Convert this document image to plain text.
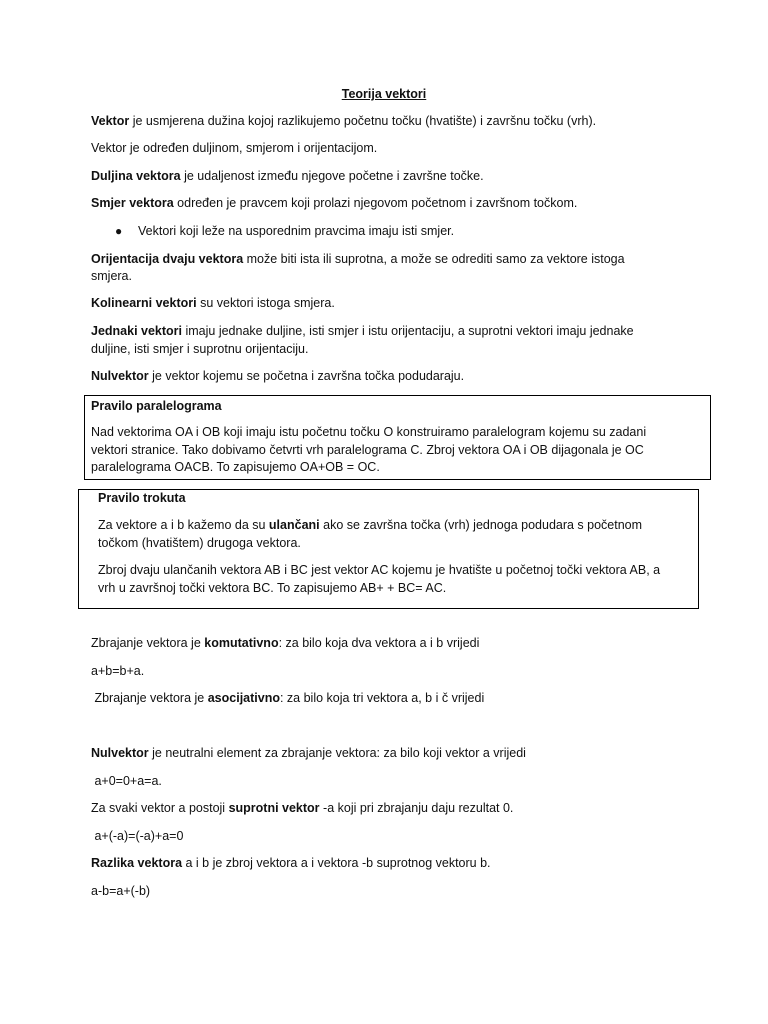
Teorija vektori
Vektor je usmjerena dužina kojoj razlikujemo početnu točku (hvatište) i završnu točku (vrh).
Vektor je određen duljinom, smjerom i orijentacijom.
Duljina vektora je udaljenost između njegove početne i završne točke.
Smjer vektora određen je pravcem koji prolazi njegovom početnom i završnom točkom.
● Vektori koji leže na usporednim pravcima imaju isti smjer.
Orijentacija dvaju vektora može biti ista ili suprotna, a može se odrediti samo za vektore istoga
smjera.
Kolinearni vektori su vektori istoga smjera.
Jednaki vektori imaju jednake duljine, isti smjer i istu orijentaciju, a suprotni vektori imaju jednake
duljine, isti smjer i suprotnu orijentaciju.
Nulvektor je vektor kojemu se početna i završna točka podudaraju.
Pravilo paralelograma
Nad vektorima OA i OB koji imaju istu početnu točku O konstruiramo paralelogram kojemu su zadani
vektori stranice. Tako dobivamo četvrti vrh paralelograma C. Zbroj vektora OA i OB dijagonala je OC
paralelograma OACB. To zapisujemo OA+OB = OC.
Pravilo trokuta
Za vektore a i b kažemo da su ulančani ako se završna točka (vrh) jednoga podudara s početnom
točkom (hvatištem) drugoga vektora.
Zbroj dvaju ulančanih vektora AB i BC jest vektor AC kojemu je hvatište u početnoj točki vektora AB, a
vrh u završnoj točki vektora BC. To zapisujemo AB+ + BC= AC.
Zbrajanje vektora je komutativno: za bilo koja dva vektora a i b vrijedi
a+b=b+a.
Zbrajanje vektora je asocijativno: za bilo koja tri vektora a, b i č vrijedi
Nulvektor je neutralni element za zbrajanje vektora: za bilo koji vektor a vrijedi
a+0=0+a=a.
Za svaki vektor a postoji suprotni vektor -a koji pri zbrajanju daju rezultat 0.
a+(-a)=(-a)+a=0
Razlika vektora a i b je zbroj vektora a i vektora -b suprotnog vektoru b.
a-b=a+(-b)
